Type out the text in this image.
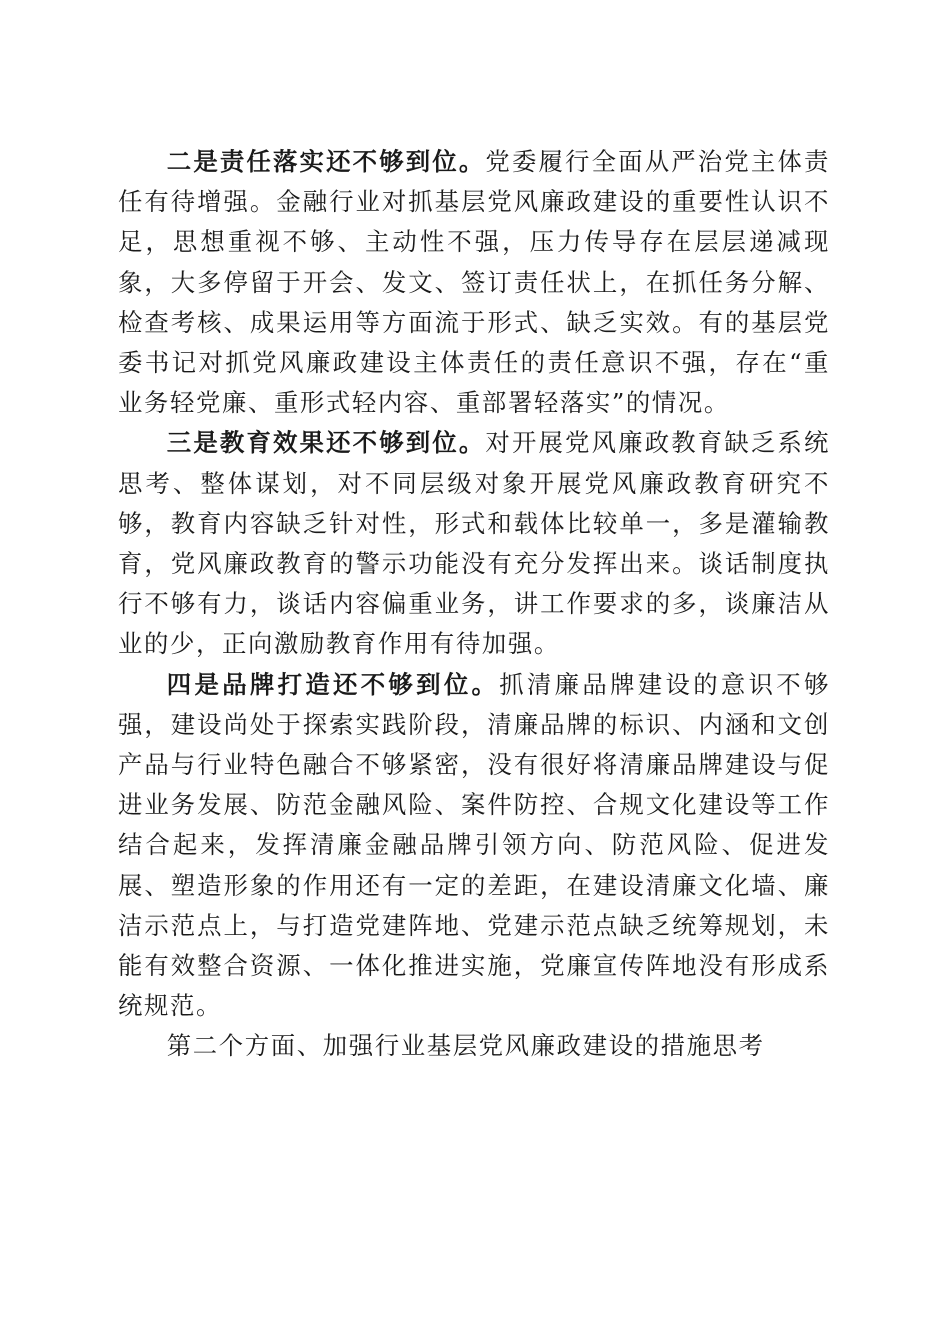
二是责任落实还不够到位。党委履行全面从严治党主体责任有待增强。金融行业对抓基层党风廉政建设的重要性认识不足，思想重视不够、主动性不强，压力传导存在层层递减现象，大多停留于开会、发文、签订责任状上，在抓任务分解、检查考核、成果运用等方面流于形式、缺乏实效。有的基层党委书记对抓党风廉政建设主体责任的责任意识不强，存在“重业务轻党廉、重形式轻内容、重部署轻落实”的情况。

三是教育效果还不够到位。对开展党风廉政教育缺乏系统思考、整体谋划，对不同层级对象开展党风廉政教育研究不够，教育内容缺乏针对性，形式和载体比较单一，多是灌输教育，党风廉政教育的警示功能没有充分发挥出来。谈话制度执行不够有力，谈话内容偏重业务，讲工作要求的多，谈廉洁从业的少，正向激励教育作用有待加强。

四是品牌打造还不够到位。抓清廉品牌建设的意识不够强，建设尚处于探索实践阶段，清廉品牌的标识、内涵和文创产品与行业特色融合不够紧密，没有很好将清廉品牌建设与促进业务发展、防范金融风险、案件防控、合规文化建设等工作结合起来，发挥清廉金融品牌引领方向、防范风险、促进发展、塑造形象的作用还有一定的差距，在建设清廉文化墙、廉洁示范点上，与打造党建阵地、党建示范点缺乏统筹规划，未能有效整合资源、一体化推进实施，党廉宣传阵地没有形成系统规范。

第二个方面、加强行业基层党风廉政建设的措施思考
